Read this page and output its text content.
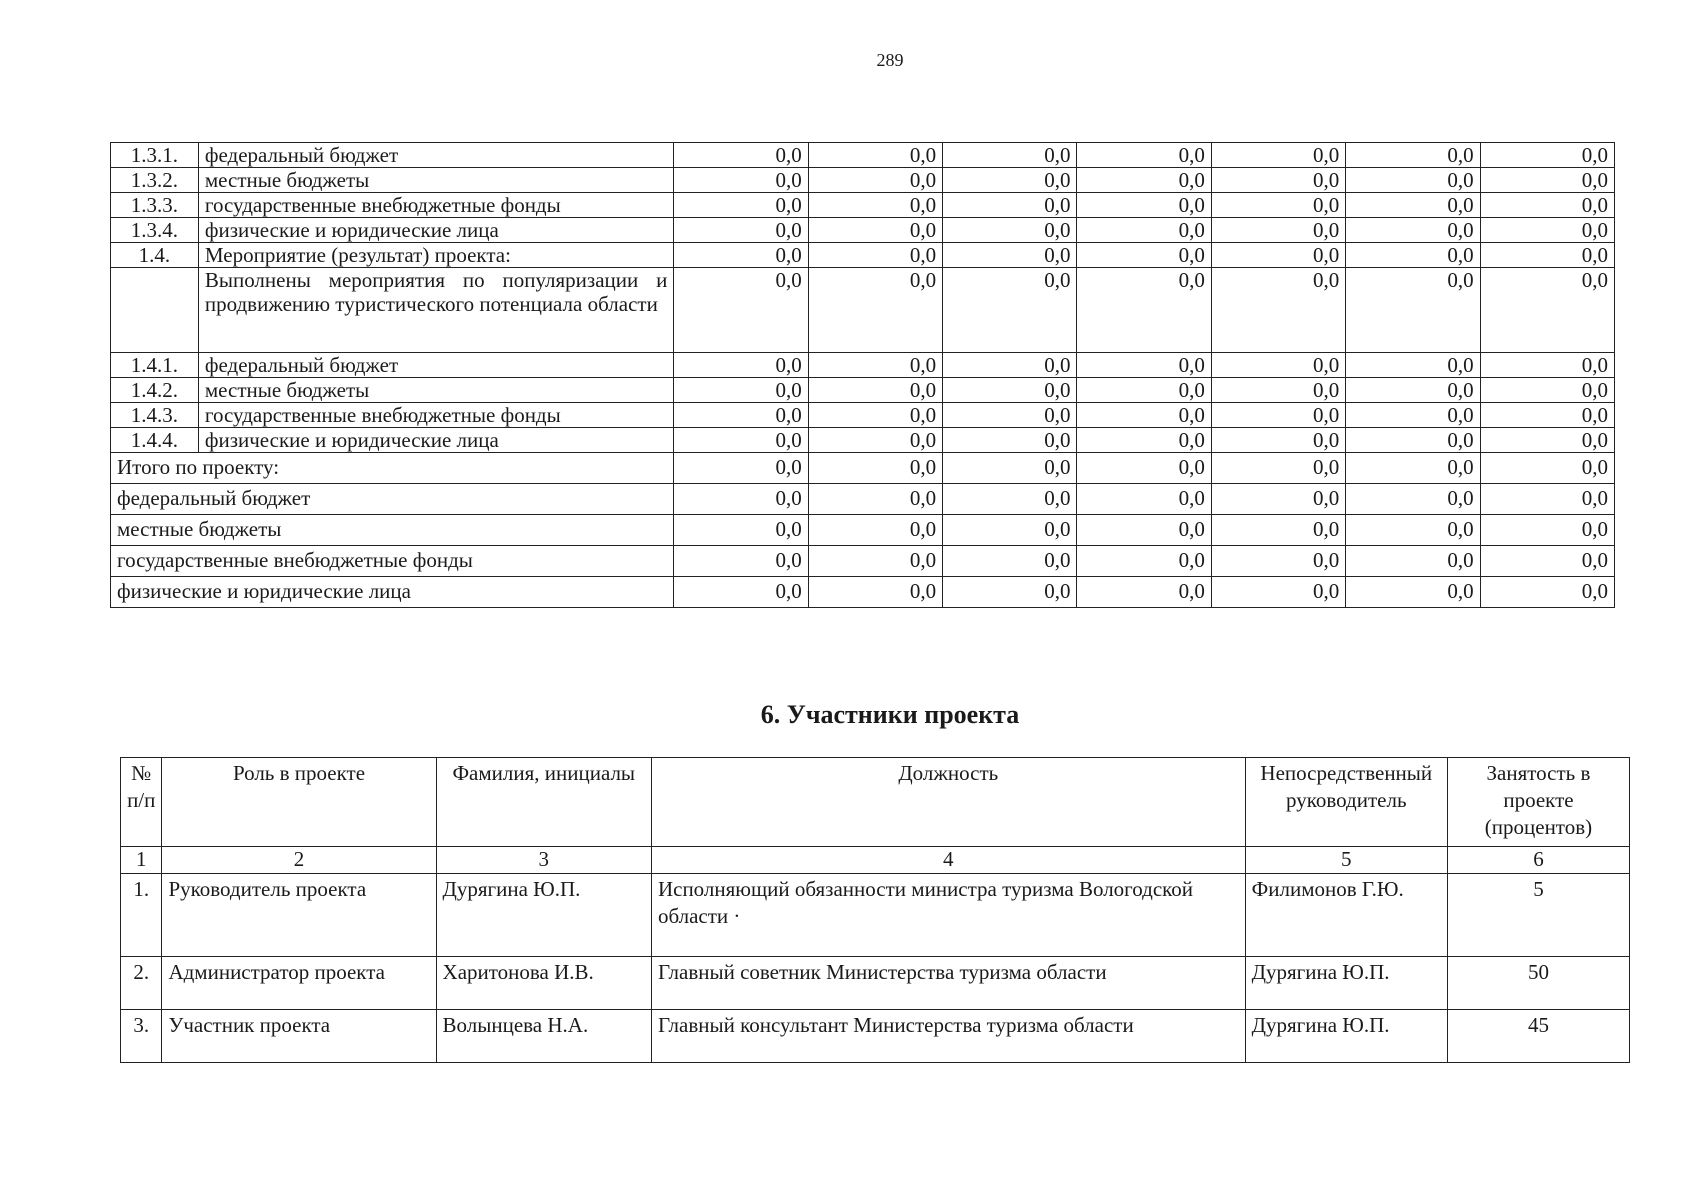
289
1.3.1.	федеральный бюджет	0,0	0,0	0,0	0,0	0,0	0,0	0,0
1.3.2.	местные бюджеты	0,0	0,0	0,0	0,0	0,0	0,0	0,0
1.3.3.	государственные внебюджетные фонды	0,0	0,0	0,0	0,0	0,0	0,0	0,0
1.3.4.	физические и юридические лица	0,0	0,0	0,0	0,0	0,0	0,0	0,0
1.4.	Мероприятие (результат) проекта:	0,0	0,0	0,0	0,0	0,0	0,0	0,0
	Выполнены мероприятия по популяризации и продвижению туристического потенциала области	0,0	0,0	0,0	0,0	0,0	0,0	0,0
1.4.1.	федеральный бюджет	0,0	0,0	0,0	0,0	0,0	0,0	0,0
1.4.2.	местные бюджеты	0,0	0,0	0,0	0,0	0,0	0,0	0,0
1.4.3.	государственные внебюджетные фонды	0,0	0,0	0,0	0,0	0,0	0,0	0,0
1.4.4.	физические и юридические лица	0,0	0,0	0,0	0,0	0,0	0,0	0,0
Итого по проекту:		0,0	0,0	0,0	0,0	0,0	0,0	0,0
федеральный бюджет		0,0	0,0	0,0	0,0	0,0	0,0	0,0
местные бюджеты		0,0	0,0	0,0	0,0	0,0	0,0	0,0
государственные внебюджетные фонды		0,0	0,0	0,0	0,0	0,0	0,0	0,0
физические и юридические лица		0,0	0,0	0,0	0,0	0,0	0,0	0,0
6. Участники проекта
№ п/п	Роль в проекте	Фамилия, инициалы	Должность	Непосредственный руководитель	Занятость в проекте (процентов)
1	2	3	4	5	6
1.	Руководитель проекта	Дурягина Ю.П.	Исполняющий обязанности министра туризма Вологодской области ·	Филимонов Г.Ю.	5
2.	Администратор проекта	Харитонова И.В.	Главный советник Министерства туризма области	Дурягина Ю.П.	50
3.	Участник проекта	Волынцева Н.А.	Главный консультант Министерства туризма области	Дурягина Ю.П.	45
